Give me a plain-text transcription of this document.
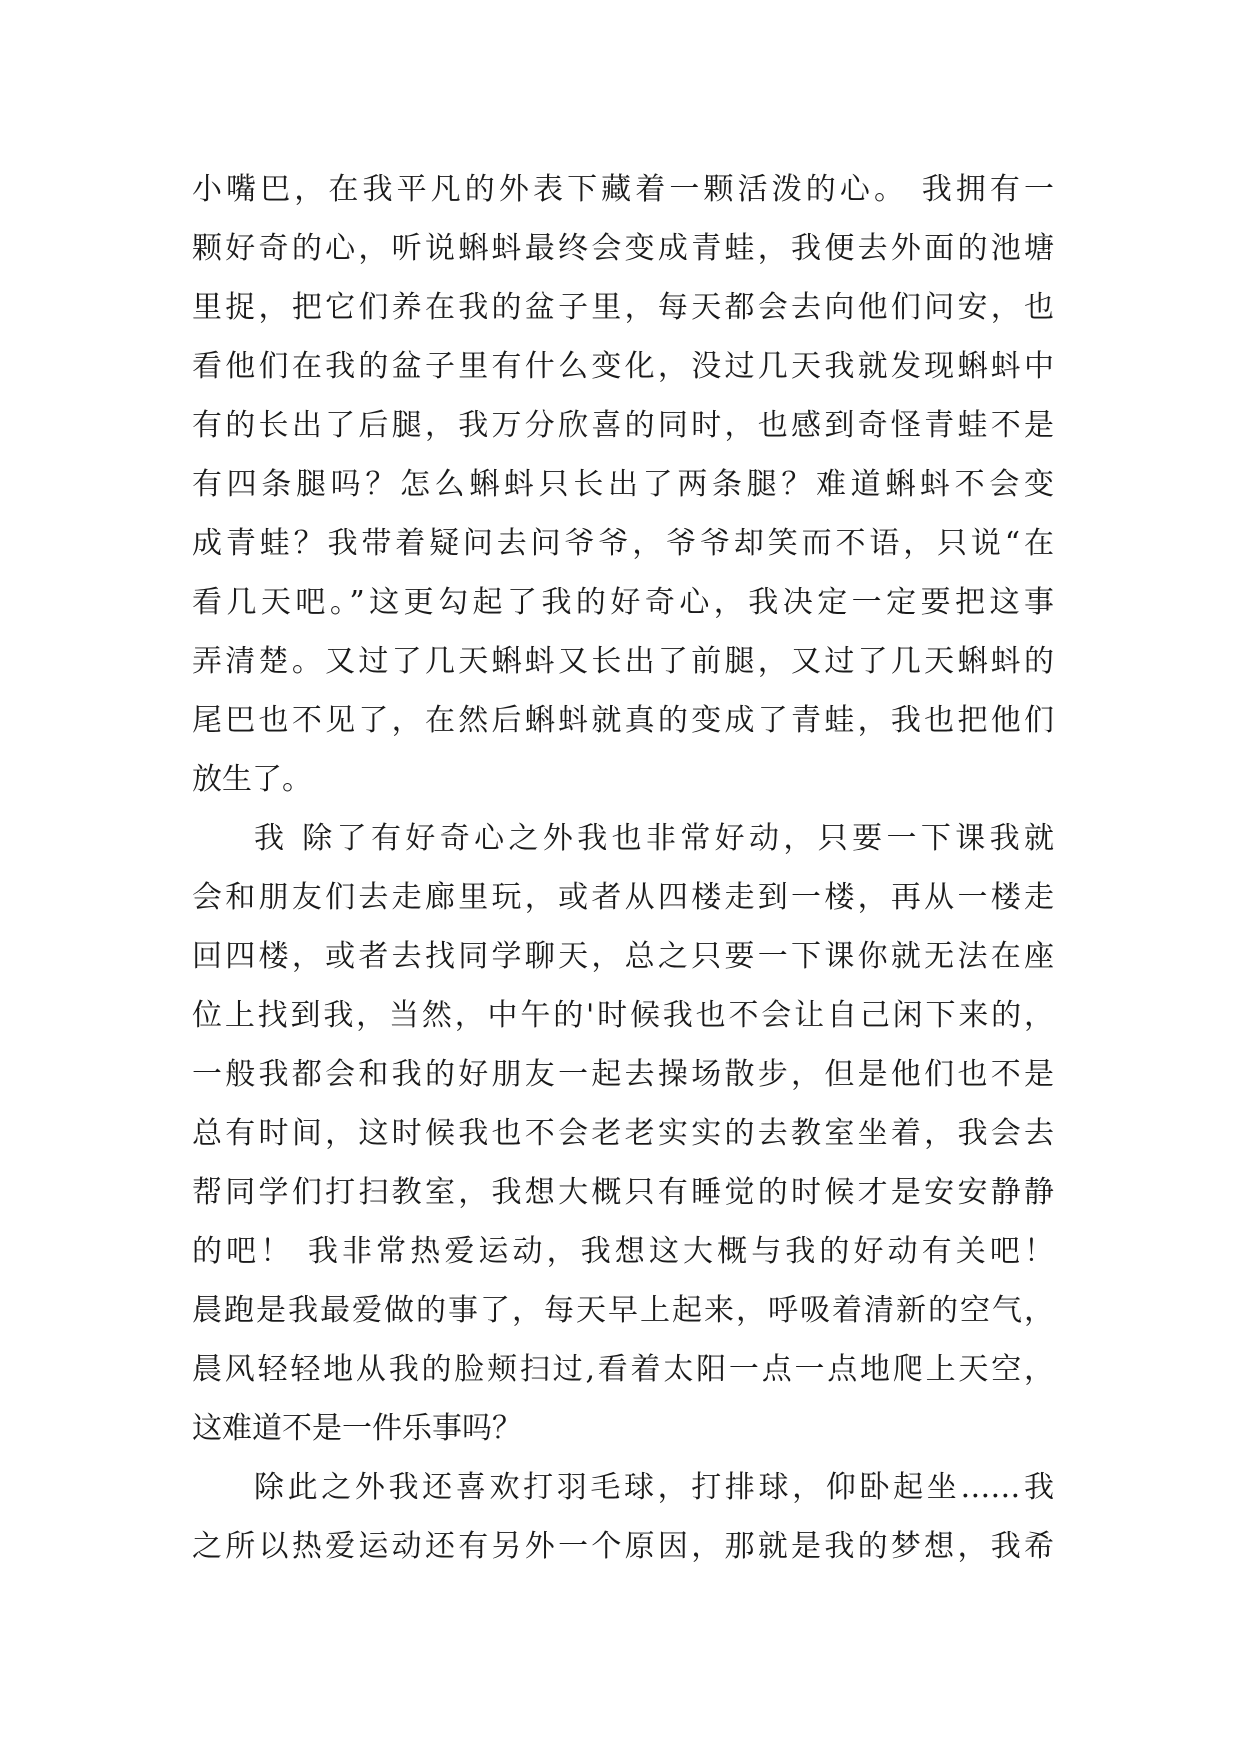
小嘴巴，在我平凡的外表下藏着一颗活泼的心。 我拥有一
颗好奇的心，听说蝌蚪最终会变成青蛙，我便去外面的池塘
里捉，把它们养在我的盆子里，每天都会去向他们问安，也
看他们在我的盆子里有什么变化，没过几天我就发现蝌蚪中
有的长出了后腿，我万分欣喜的同时，也感到奇怪青蛙不是
有四条腿吗？怎么蝌蚪只长出了两条腿？难道蝌蚪不会变
成青蛙？我带着疑问去问爷爷，爷爷却笑而不语，只说“在
看几天吧。”这更勾起了我的好奇心，我决定一定要把这事
弄清楚。又过了几天蝌蚪又长出了前腿，又过了几天蝌蚪的
尾巴也不见了，在然后蝌蚪就真的变成了青蛙，我也把他们
放生了。
我 除了有好奇心之外我也非常好动，只要一下课我就
会和朋友们去走廊里玩，或者从四楼走到一楼，再从一楼走
回四楼，或者去找同学聊天，总之只要一下课你就无法在座
位上找到我，当然，中午的'时候我也不会让自己闲下来的，
一般我都会和我的好朋友一起去操场散步，但是他们也不是
总有时间，这时候我也不会老老实实的去教室坐着，我会去
帮同学们打扫教室，我想大概只有睡觉的时候才是安安静静
的吧！ 我非常热爱运动，我想这大概与我的好动有关吧！
晨跑是我最爱做的事了，每天早上起来，呼吸着清新的空气，
晨风轻轻地从我的脸颊扫过,看着太阳一点一点地爬上天空，
这难道不是一件乐事吗？
除此之外我还喜欢打羽毛球，打排球，仰卧起坐……我
之所以热爱运动还有另外一个原因，那就是我的梦想，我希
